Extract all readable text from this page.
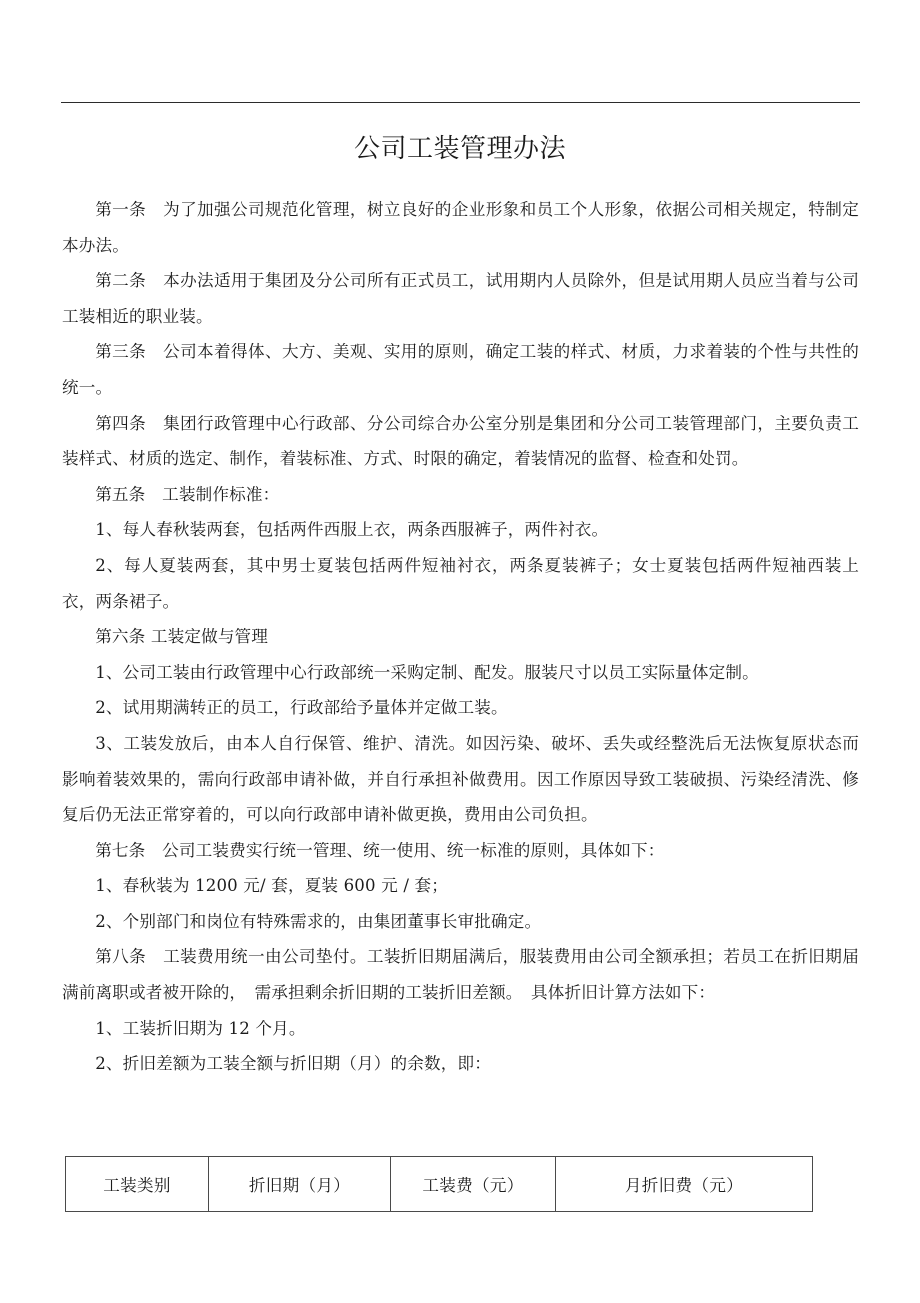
公司工装管理办法

第一条　为了加强公司规范化管理，树立良好的企业形象和员工个人形象，依据公司相关规定，特制定本办法。

第二条　本办法适用于集团及分公司所有正式员工，试用期内人员除外，但是试用期人员应当着与公司工装相近的职业装。

第三条　公司本着得体、大方、美观、实用的原则，确定工装的样式、材质，力求着装的个性与共性的统一。

第四条　集团行政管理中心行政部、分公司综合办公室分别是集团和分公司工装管理部门，主要负责工装样式、材质的选定、制作，着装标准、方式、时限的确定，着装情况的监督、检查和处罚。

第五条　工装制作标准：

1、每人春秋装两套，包括两件西服上衣，两条西服裤子，两件衬衣。

2、每人夏装两套，其中男士夏装包括两件短袖衬衣，两条夏装裤子；女士夏装包括两件短袖西装上衣，两条裙子。

第六条 工装定做与管理

1、公司工装由行政管理中心行政部统一采购定制、配发。服装尺寸以员工实际量体定制。

2、试用期满转正的员工，行政部给予量体并定做工装。

3、工装发放后，由本人自行保管、维护、清洗。如因污染、破坏、丢失或经整洗后无法恢复原状态而影响着装效果的，需向行政部申请补做，并自行承担补做费用。因工作原因导致工装破损、污染经清洗、修复后仍无法正常穿着的，可以向行政部申请补做更换，费用由公司负担。

第七条　公司工装费实行统一管理、统一使用、统一标准的原则，具体如下：

1、春秋装为 1200 元/ 套，夏装 600 元 / 套；

2、个别部门和岗位有特殊需求的，由集团董事长审批确定。

第八条　工装费用统一由公司垫付。工装折旧期届满后，服装费用由公司全额承担；若员工在折旧期届满前离职或者被开除的，　需承担剩余折旧期的工装折旧差额。　具体折旧计算方法如下：

1、工装折旧期为 12 个月。

2、折旧差额为工装全额与折旧期（月）的余数，即：

工装类别	折旧期（月）	工装费（元）	月折旧费（元）
